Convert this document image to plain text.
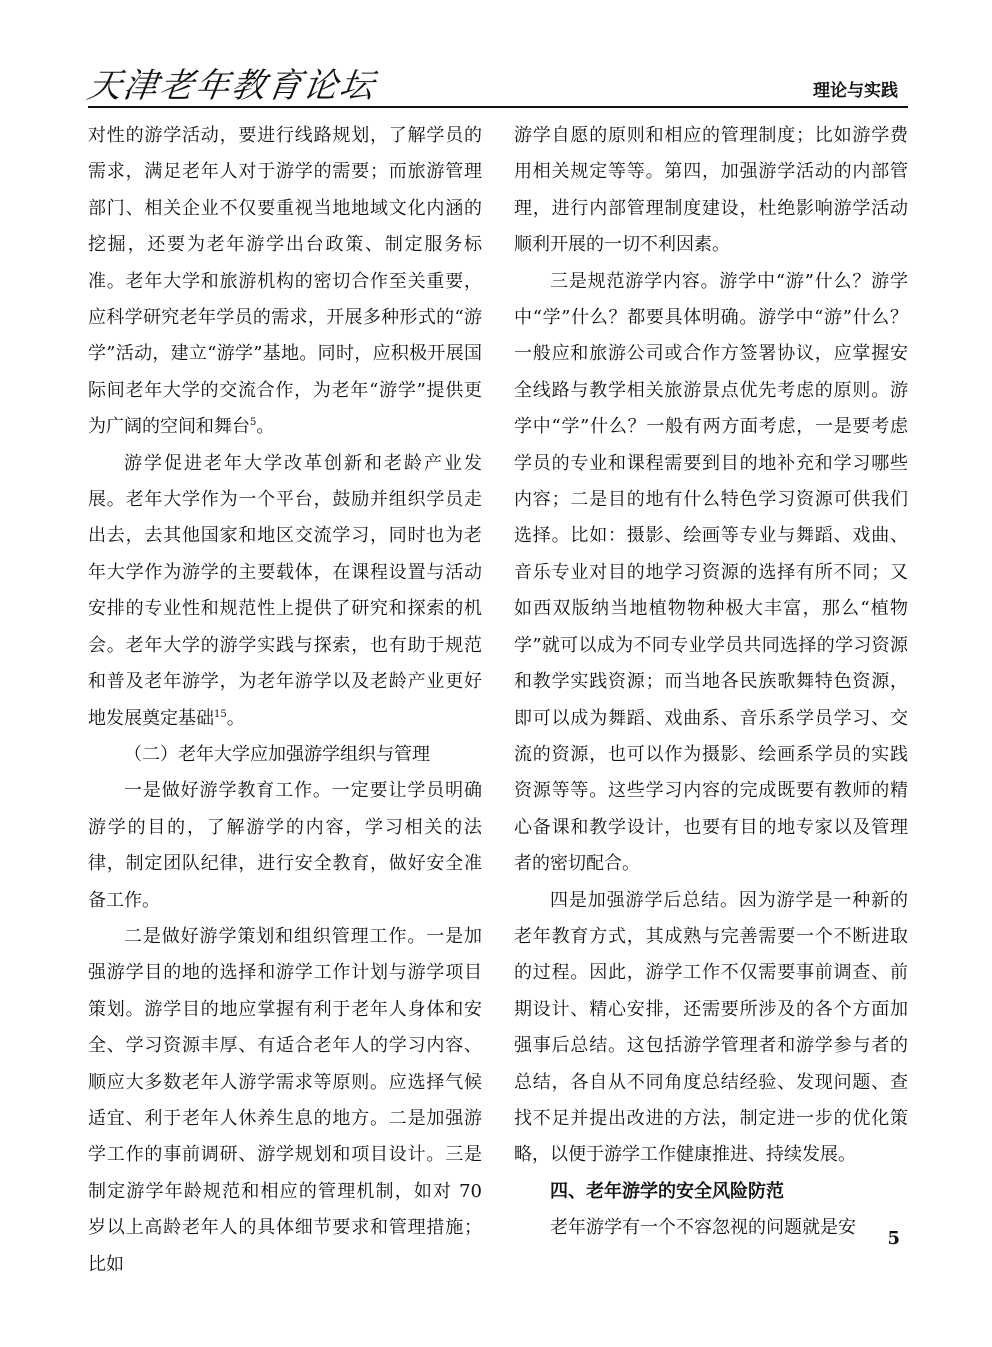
天津老年教育论坛	理论与实践

对性的游学活动，要进行线路规划，了解学员的需求，满足老年人对于游学的需要；而旅游管理部门、相关企业不仅要重视当地地域文化内涵的挖掘，还要为老年游学出台政策、制定服务标准。老年大学和旅游机构的密切合作至关重要，应科学研究老年学员的需求，开展多种形式的“游学”活动，建立“游学”基地。同时，应积极开展国际间老年大学的交流合作，为老年“游学”提供更为广阔的空间和舞台$^5$。

游学促进老年大学改革创新和老龄产业发展。老年大学作为一个平台，鼓励并组织学员走出去，去其他国家和地区交流学习，同时也为老年大学作为游学的主要载体，在课程设置与活动安排的专业性和规范性上提供了研究和探索的机会。老年大学的游学实践与探索，也有助于规范和普及老年游学，为老年游学以及老龄产业更好地发展奠定基础$^{15}$。

（二）老年大学应加强游学组织与管理

一是做好游学教育工作。一定要让学员明确游学的目的，了解游学的内容，学习相关的法律，制定团队纪律，进行安全教育，做好安全准备工作。

二是做好游学策划和组织管理工作。一是加强游学目的地的选择和游学工作计划与游学项目策划。游学目的地应掌握有利于老年人身体和安全、学习资源丰厚、有适合老年人的学习内容、顺应大多数老年人游学需求等原则。应选择气候适宜、利于老年人休养生息的地方。二是加强游学工作的事前调研、游学规划和项目设计。三是制定游学年龄规范和相应的管理机制，如对 70 岁以上高龄老年人的具体细节要求和管理措施；比如

游学自愿的原则和相应的管理制度；比如游学费用相关规定等等。第四，加强游学活动的内部管理，进行内部管理制度建设，杜绝影响游学活动顺利开展的一切不利因素。

三是规范游学内容。游学中“游”什么？游学中“学”什么？都要具体明确。游学中“游”什么？一般应和旅游公司或合作方签署协议，应掌握安全线路与教学相关旅游景点优先考虑的原则。游学中“学”什么？一般有两方面考虑，一是要考虑学员的专业和课程需要到目的地补充和学习哪些内容；二是目的地有什么特色学习资源可供我们选择。比如：摄影、绘画等专业与舞蹈、戏曲、音乐专业对目的地学习资源的选择有所不同；又如西双版纳当地植物物种极大丰富，那么“植物学”就可以成为不同专业学员共同选择的学习资源和教学实践资源；而当地各民族歌舞特色资源，即可以成为舞蹈、戏曲系、音乐系学员学习、交流的资源，也可以作为摄影、绘画系学员的实践资源等等。这些学习内容的完成既要有教师的精心备课和教学设计，也要有目的地专家以及管理者的密切配合。

四是加强游学后总结。因为游学是一种新的老年教育方式，其成熟与完善需要一个不断进取的过程。因此，游学工作不仅需要事前调查、前期设计、精心安排，还需要所涉及的各个方面加强事后总结。这包括游学管理者和游学参与者的总结，各自从不同角度总结经验、发现问题、查找不足并提出改进的方法，制定进一步的优化策略，以便于游学工作健康推进、持续发展。

四、老年游学的安全风险防范

老年游学有一个不容忽视的问题就是安

5
